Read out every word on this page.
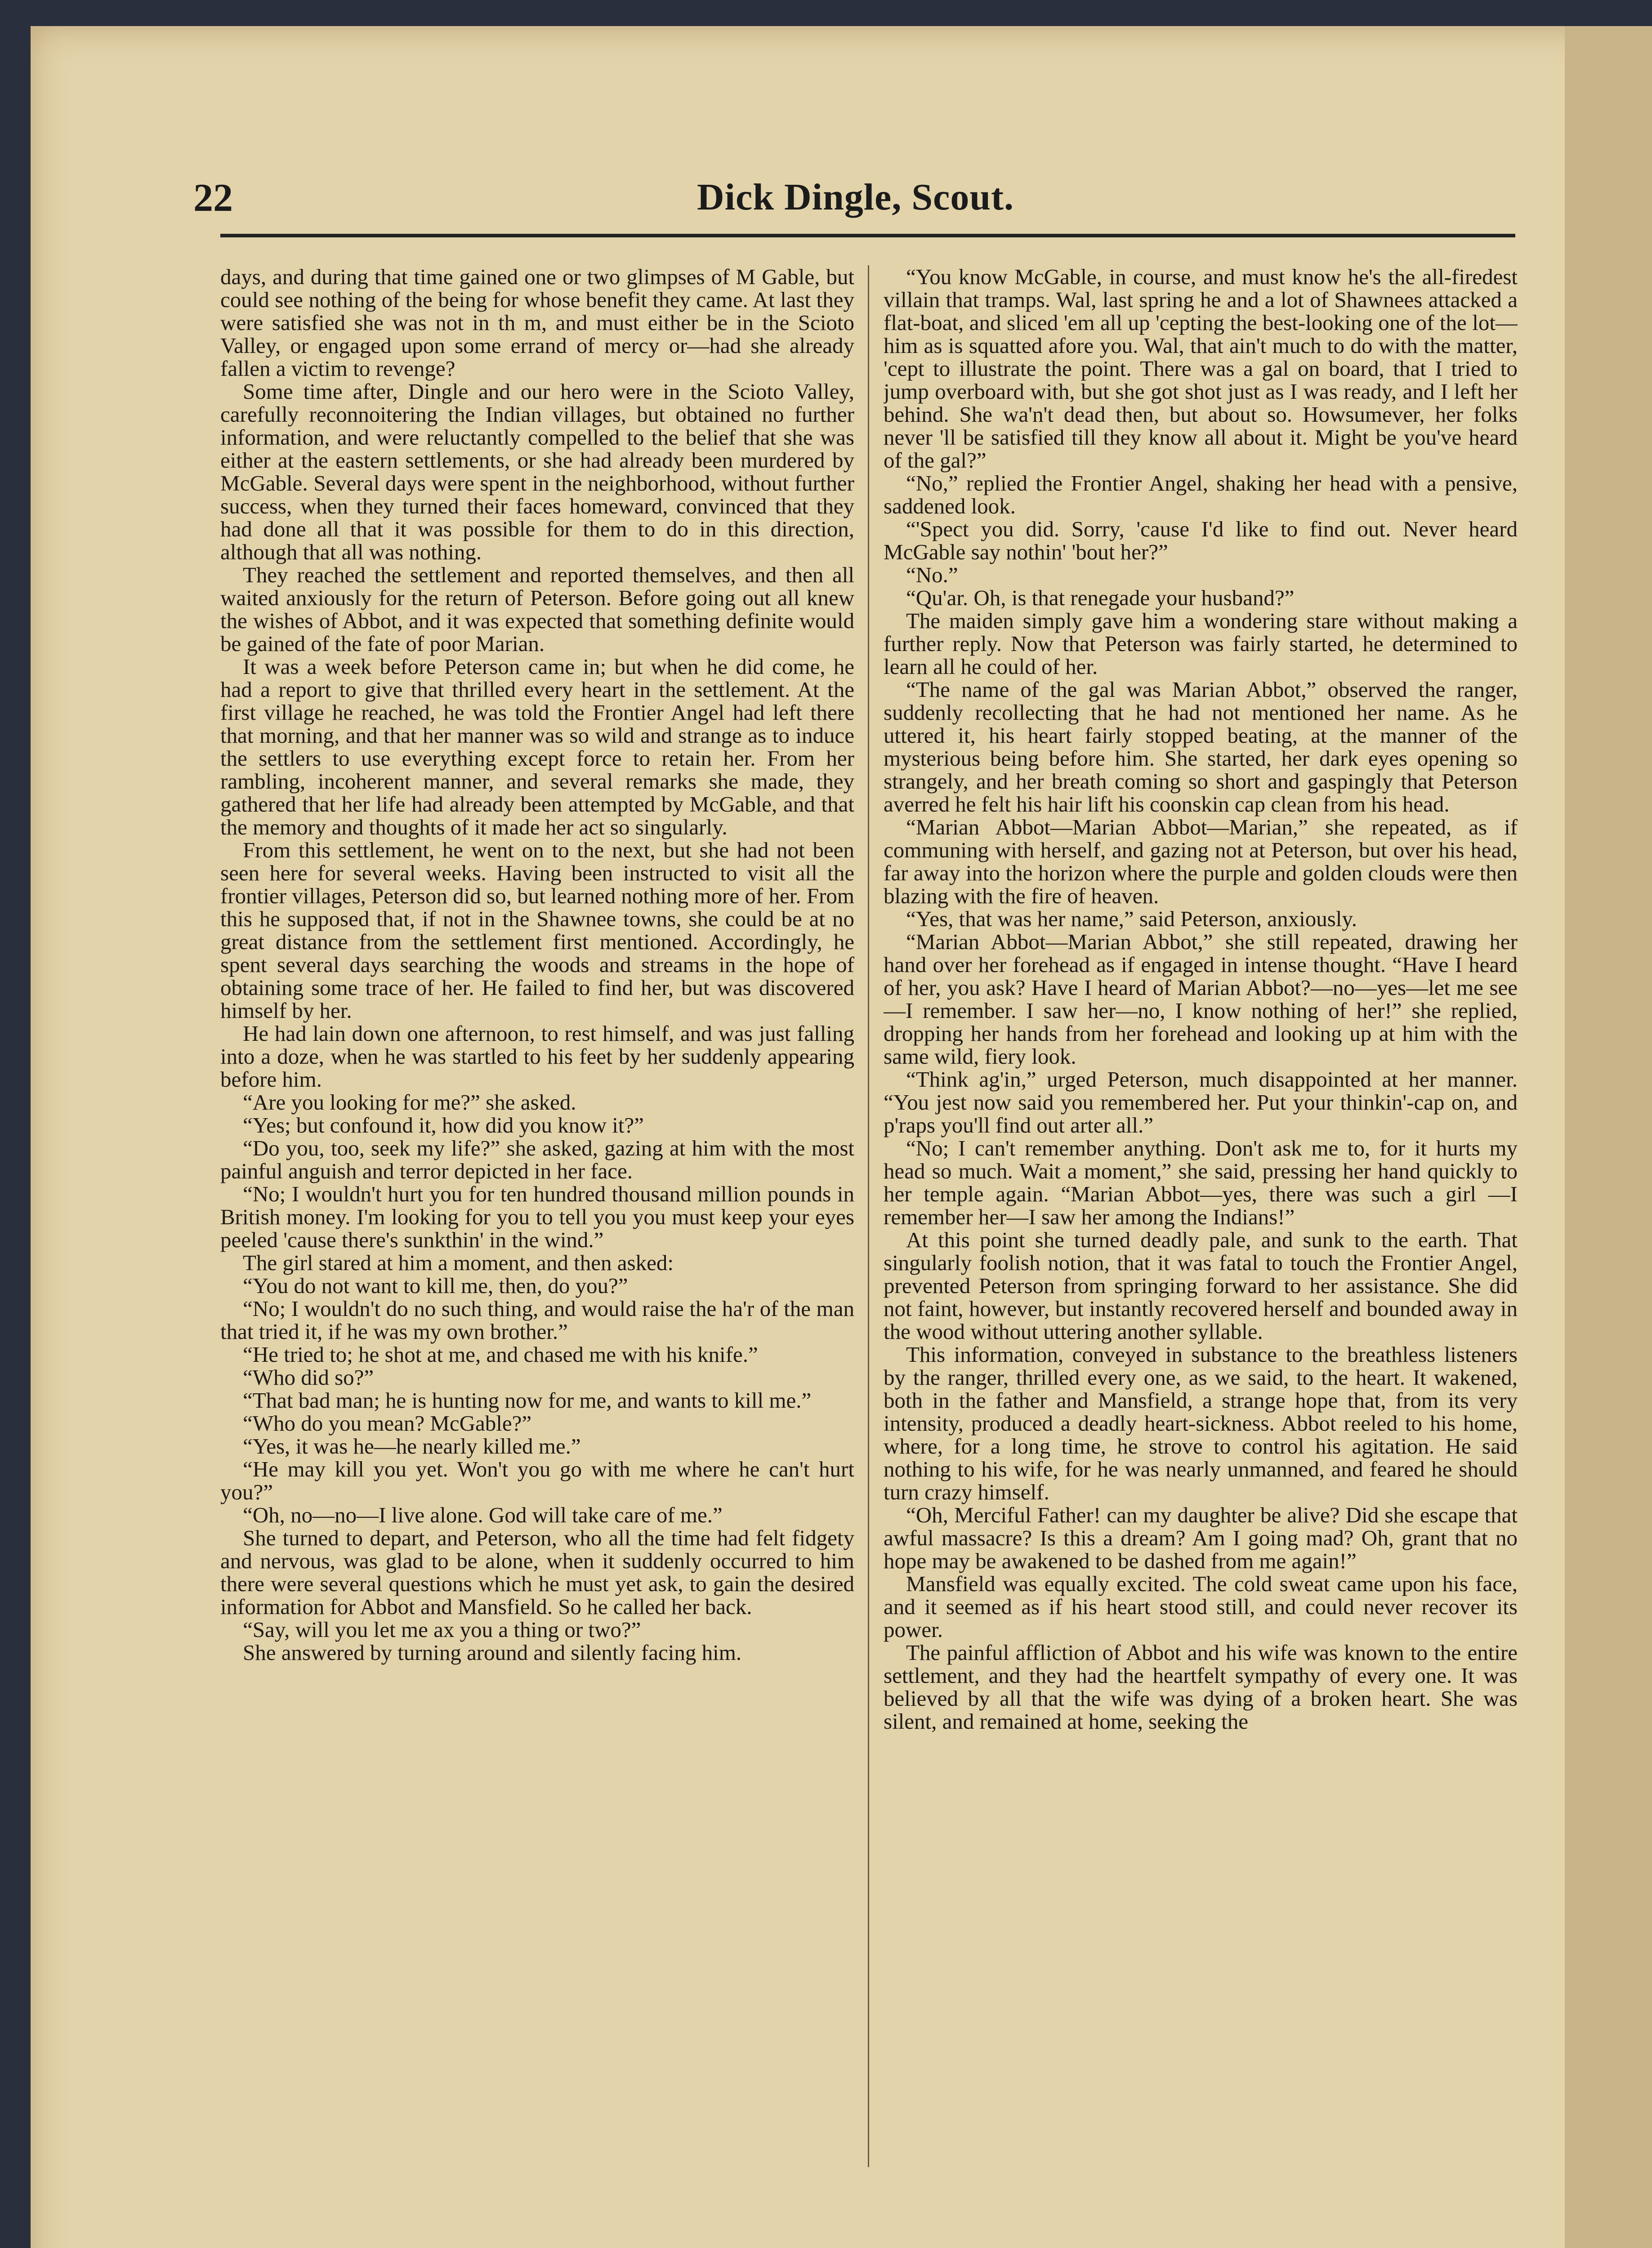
22	Dick Dingle, Scout.

days, and during that time gained one or two glimpses of M Gable, but could see nothing of the being for whose benefit they came. At last they were satisfied she was not in th m, and must either be in the Scioto Valley, or engaged upon some errand of mercy or—had she already fallen a victim to revenge?

Some time after, Dingle and our hero were in the Scioto Valley, carefully reconnoitering the Indian villages, but obtained no further information, and were reluctantly compelled to the belief that she was either at the eastern settlements, or she had already been murdered by McGable. Several days were spent in the neighborhood, without further success, when they turned their faces homeward, convinced that they had done all that it was possible for them to do in this direction, although that all was nothing.

They reached the settlement and reported themselves, and then all waited anxiously for the return of Peterson. Before going out all knew the wishes of Abbot, and it was expected that something definite would be gained of the fate of poor Marian.

It was a week before Peterson came in; but when he did come, he had a report to give that thrilled every heart in the settlement. At the first village he reached, he was told the Frontier Angel had left there that morning, and that her manner was so wild and strange as to induce the settlers to use everything except force to retain her. From her rambling, incoherent manner, and several remarks she made, they gathered that her life had already been attempted by McGable, and that the memory and thoughts of it made her act so singularly.

From this settlement, he went on to the next, but she had not been seen here for several weeks. Having been instructed to visit all the frontier villages, Peterson did so, but learned nothing more of her. From this he supposed that, if not in the Shawnee towns, she could be at no great distance from the settlement first mentioned. Accordingly, he spent several days searching the woods and streams in the hope of obtaining some trace of her. He failed to find her, but was discovered himself by her.

He had lain down one afternoon, to rest himself, and was just falling into a doze, when he was startled to his feet by her suddenly appearing before him.

“Are you looking for me?” she asked.

“Yes; but confound it, how did you know it?”

“Do you, too, seek my life?” she asked, gazing at him with the most painful anguish and terror depicted in her face.

“No; I wouldn't hurt you for ten hundred thousand million pounds in British money. I'm looking for you to tell you you must keep your eyes peeled 'cause there's sunkthin' in the wind.”

The girl stared at him a moment, and then asked:

“You do not want to kill me, then, do you?”

“No; I wouldn't do no such thing, and would raise the ha'r of the man that tried it, if he was my own brother.”

“He tried to; he shot at me, and chased me with his knife.”

“Who did so?”

“That bad man; he is hunting now for me, and wants to kill me.”

“Who do you mean? McGable?”

“Yes, it was he—he nearly killed me.”

“He may kill you yet. Won't you go with me where he can't hurt you?”

“Oh, no—no—I live alone. God will take care of me.”

She turned to depart, and Peterson, who all the time had felt fidgety and nervous, was glad to be alone, when it suddenly occurred to him there were several questions which he must yet ask, to gain the desired information for Abbot and Mansfield. So he called her back.

“Say, will you let me ax you a thing or two?”

She answered by turning around and silently facing him.

“You know McGable, in course, and must know he's the all-firedest villain that tramps. Wal, last spring he and a lot of Shawnees attacked a flat-boat, and sliced 'em all up 'cepting the best-looking one of the lot—him as is squatted afore you. Wal, that ain't much to do with the matter, 'cept to illustrate the point. There was a gal on board, that I tried to jump overboard with, but she got shot just as I was ready, and I left her behind. She wa'n't dead then, but about so. Howsumever, her folks never 'll be satisfied till they know all about it. Might be you've heard of the gal?”

“No,” replied the Frontier Angel, shaking her head with a pensive, saddened look.

“'Spect you did. Sorry, 'cause I'd like to find out. Never heard McGable say nothin' 'bout her?”

“No.”

“Qu'ar. Oh, is that renegade your husband?”

The maiden simply gave him a wondering stare without making a further reply. Now that Peterson was fairly started, he determined to learn all he could of her.

“The name of the gal was Marian Abbot,” observed the ranger, suddenly recollecting that he had not mentioned her name. As he uttered it, his heart fairly stopped beating, at the manner of the mysterious being before him. She started, her dark eyes opening so strangely, and her breath coming so short and gaspingly that Peterson averred he felt his hair lift his coonskin cap clean from his head.

“Marian Abbot—Marian Abbot—Marian,” she repeated, as if communing with herself, and gazing not at Peterson, but over his head, far away into the horizon where the purple and golden clouds were then blazing with the fire of heaven.

“Yes, that was her name,” said Peterson, anxiously.

“Marian Abbot—Marian Abbot,” she still repeated, drawing her hand over her forehead as if engaged in intense thought. “Have I heard of her, you ask? Have I heard of Marian Abbot?—no—yes—let me see—I remember. I saw her—no, I know nothing of her!” she replied, dropping her hands from her forehead and looking up at him with the same wild, fiery look.

“Think ag'in,” urged Peterson, much disappointed at her manner. “You jest now said you remembered her. Put your thinkin'-cap on, and p'raps you'll find out arter all.”

“No; I can't remember anything. Don't ask me to, for it hurts my head so much. Wait a moment,” she said, pressing her hand quickly to her temple again. “Marian Abbot—yes, there was such a girl —I remember her—I saw her among the Indians!”

At this point she turned deadly pale, and sunk to the earth. That singularly foolish notion, that it was fatal to touch the Frontier Angel, prevented Peterson from springing forward to her assistance. She did not faint, however, but instantly recovered herself and bounded away in the wood without uttering another syllable.

This information, conveyed in substance to the breathless listeners by the ranger, thrilled every one, as we said, to the heart. It wakened, both in the father and Mansfield, a strange hope that, from its very intensity, produced a deadly heart-sickness. Abbot reeled to his home, where, for a long time, he strove to control his agitation. He said nothing to his wife, for he was nearly unmanned, and feared he should turn crazy himself.

“Oh, Merciful Father! can my daughter be alive? Did she escape that awful massacre? Is this a dream? Am I going mad? Oh, grant that no hope may be awakened to be dashed from me again!”

Mansfield was equally excited. The cold sweat came upon his face, and it seemed as if his heart stood still, and could never recover its power.

The painful affliction of Abbot and his wife was known to the entire settlement, and they had the heartfelt sympathy of every one. It was believed by all that the wife was dying of a broken heart. She was silent, and remained at home, seeking the
